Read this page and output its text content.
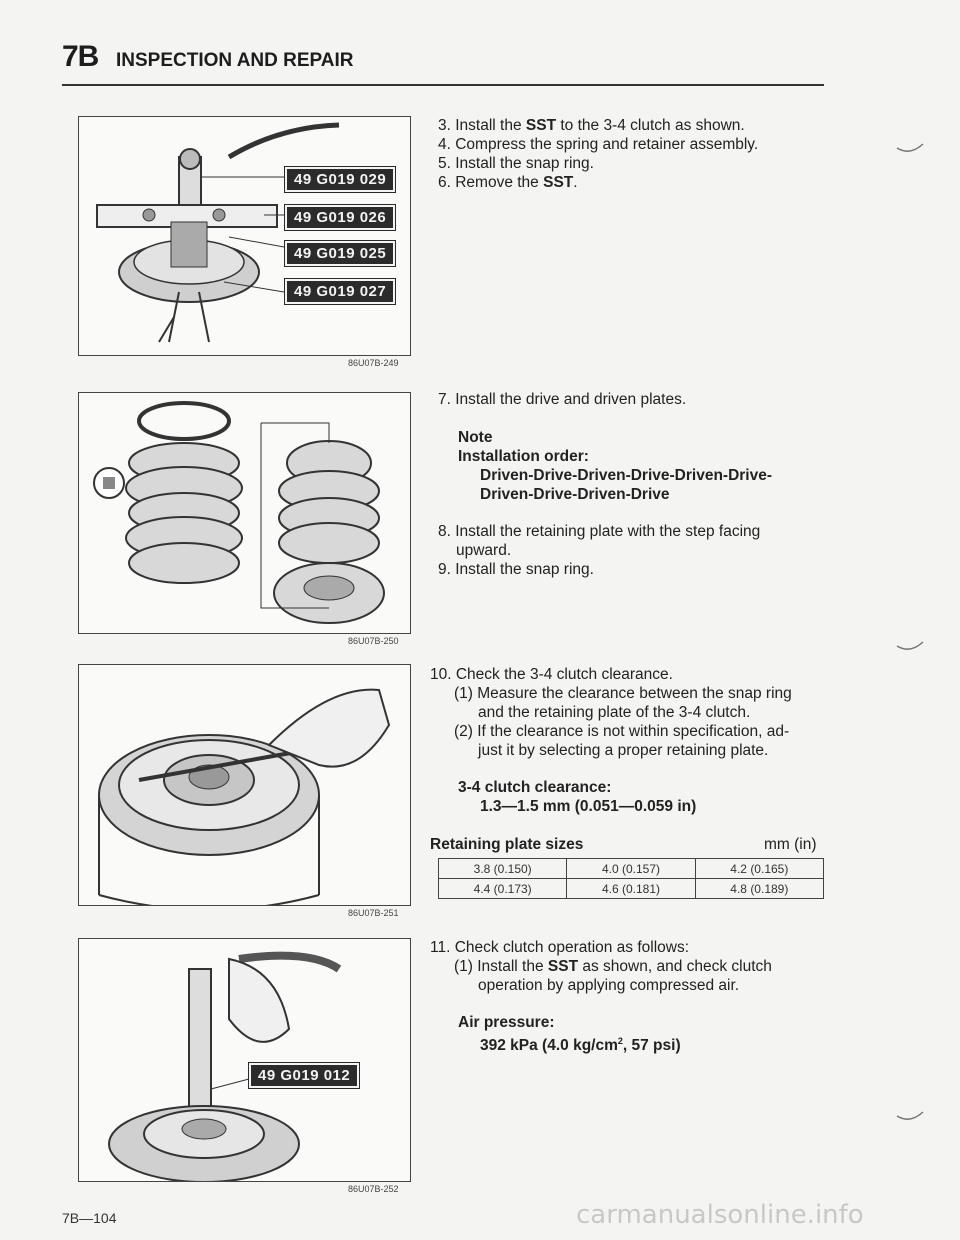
7B INSPECTION AND REPAIR
49 G019 029
49 G019 026
49 G019 025
49 G019 027
86U07B-249
86U07B-250
86U07B-251
49 G019 012
86U07B-252
3. Install the SST to the 3-4 clutch as shown.
4. Compress the spring and retainer assembly.
5. Install the snap ring.
6. Remove the SST.
7. Install the drive and driven plates.
Note
Installation order:
Driven-Drive-Driven-Drive-Driven-Drive-
Driven-Drive-Driven-Drive
8. Install the retaining plate with the step facing
upward.
9. Install the snap ring.
10. Check the 3-4 clutch clearance.
(1) Measure the clearance between the snap ring
and the retaining plate of the 3-4 clutch.
(2) If the clearance is not within specification, ad-
just it by selecting a proper retaining plate.
3-4 clutch clearance:
1.3—1.5 mm (0.051—0.059 in)
Retaining plate sizes	mm (in)
3.8 (0.150)	4.0 (0.157)	4.2 (0.165)
4.4 (0.173)	4.6 (0.181)	4.8 (0.189)
11. Check clutch operation as follows:
(1) Install the SST as shown, and check clutch
operation by applying compressed air.
Air pressure:
392 kPa (4.0 $kg/cm^2$, 57 psi)
7B—104	carmanualsonline.info
